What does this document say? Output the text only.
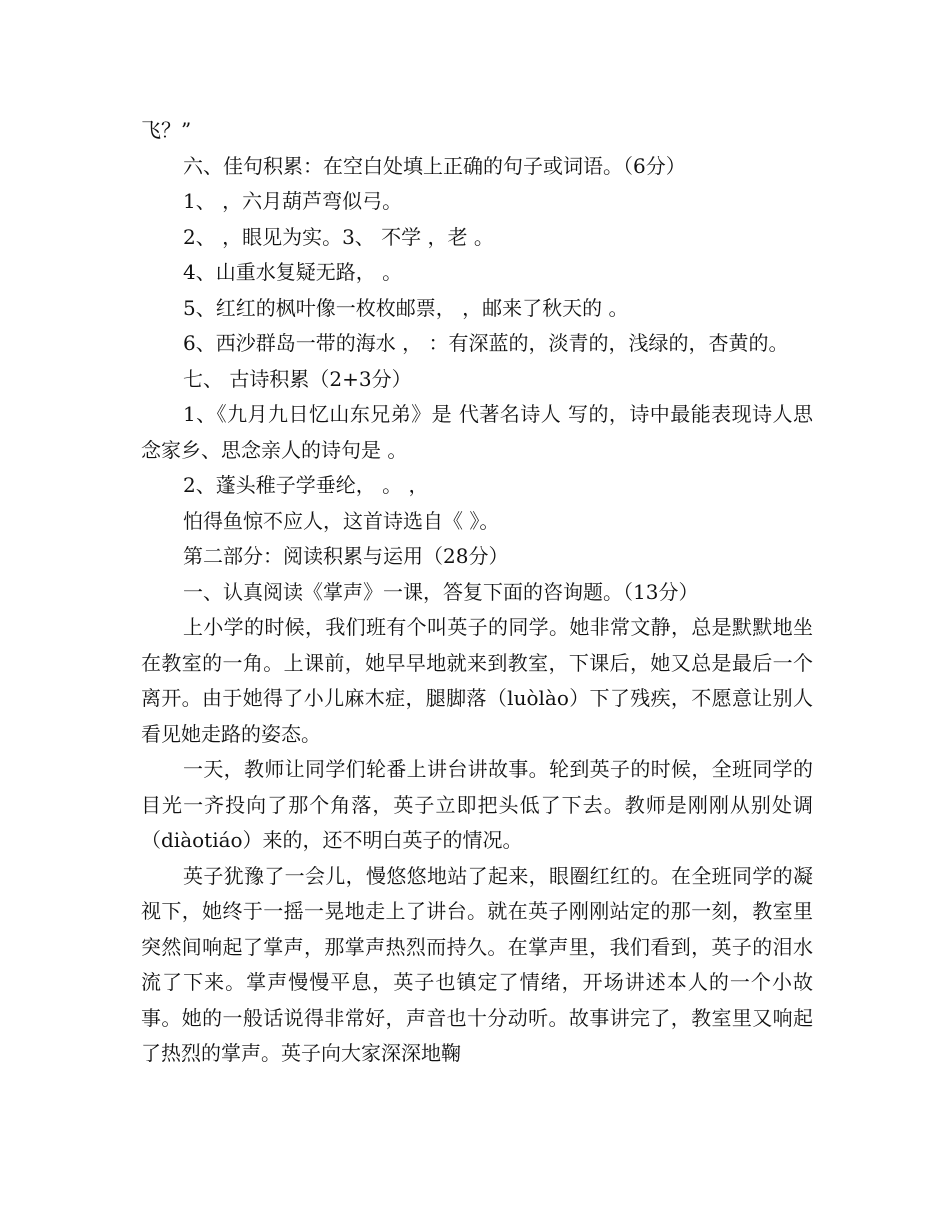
飞？”

六、佳句积累：在空白处填上正确的句子或词语。（6分）

1、 ，六月葫芦弯似弓。

2、 ，眼见为实。3、 不学 ，老 。

4、山重水复疑无路， 。

5、红红的枫叶像一枚枚邮票， ，邮来了秋天的 。

6、西沙群岛一带的海水 ， ：有深蓝的，淡青的，浅绿的，杏黄的。

七、 古诗积累（2+3分）

1、《九月九日忆山东兄弟》是 代著名诗人 写的，诗中最能表现诗人思念家乡、思念亲人的诗句是 。

2、蓬头稚子学垂纶， 。 ，

怕得鱼惊不应人，这首诗选自《 》。

第二部分：阅读积累与运用（28分）

一、认真阅读《掌声》一课，答复下面的咨询题。（13分）

上小学的时候，我们班有个叫英子的同学。她非常文静，总是默默地坐在教室的一角。上课前，她早早地就来到教室，下课后，她又总是最后一个离开。由于她得了小儿麻木症，腿脚落（luòlào）下了残疾，不愿意让别人看见她走路的姿态。

一天，教师让同学们轮番上讲台讲故事。轮到英子的时候，全班同学的目光一齐投向了那个角落，英子立即把头低了下去。教师是刚刚从别处调（diàotiáo）来的，还不明白英子的情况。

英子犹豫了一会儿，慢悠悠地站了起来，眼圈红红的。在全班同学的凝视下，她终于一摇一晃地走上了讲台。就在英子刚刚站定的那一刻，教室里突然间响起了掌声，那掌声热烈而持久。在掌声里，我们看到，英子的泪水流了下来。掌声慢慢平息，英子也镇定了情绪，开场讲述本人的一个小故事。她的一般话说得非常好，声音也十分动听。故事讲完了，教室里又响起了热烈的掌声。英子向大家深深地鞠
